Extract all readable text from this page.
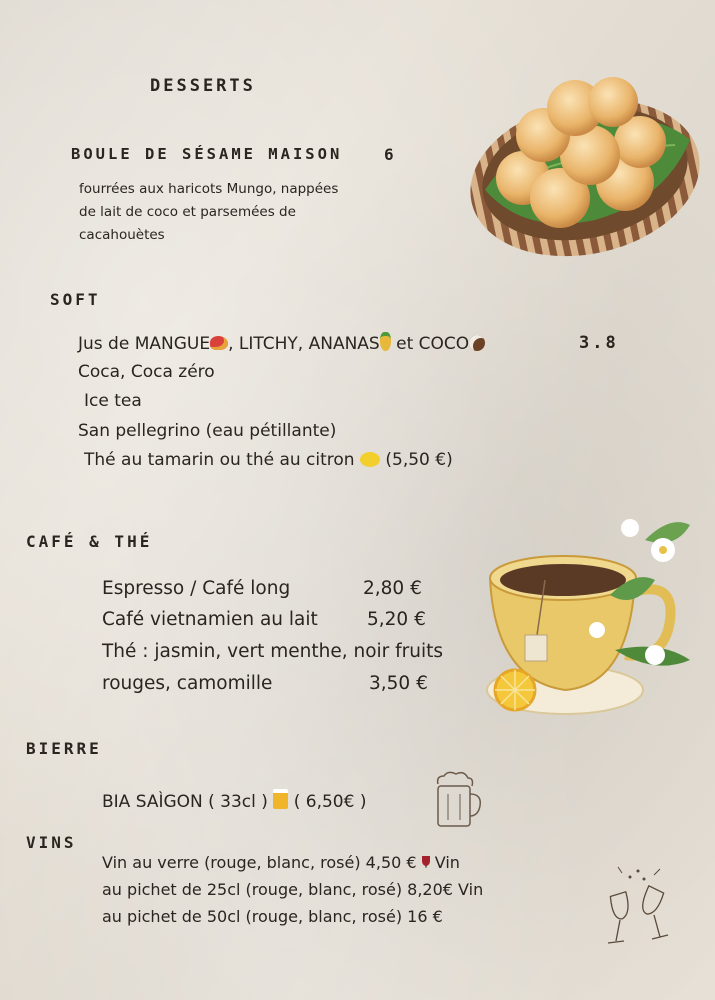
DESSERTS
BOULE DE SÉSAME MAISON	6
fourrées aux haricots Mungo, nappées
de lait de coco et parsemées de
cacahouètes
SOFT
Jus de MANGUE , LITCHY, ANANAS et COCO	3.8
Coca, Coca zéro
Ice tea
San pellegrino (eau pétillante)
Thé au tamarin ou thé au citron  (5,50 €)
CAFÉ & THÉ
Espresso / Café long	2,80 €
Café vietnamien au lait	5,20 €
Thé : jasmin, vert menthe, noir fruits
rouges, camomille	3,50 €
BIERRE
BIA SAÌGON ( 33cl )  ( 6,50€ )
VINS
Vin au verre (rouge, blanc, rosé) 4,50 €  Vin
au pichet de 25cl (rouge, blanc, rosé) 8,20€ Vin
au pichet de 50cl (rouge, blanc, rosé) 16 €
